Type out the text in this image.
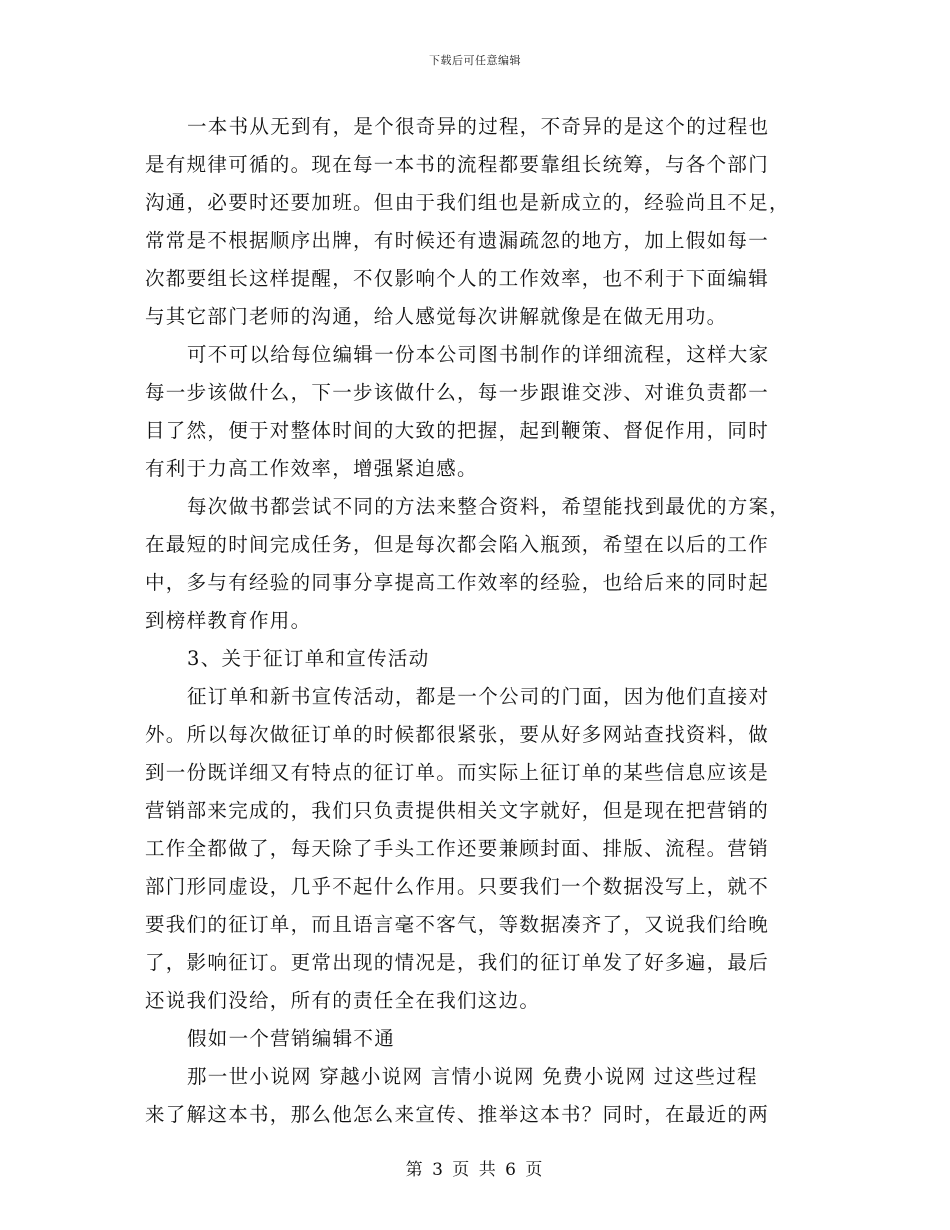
下载后可任意编辑
一本书从无到有，是个很奇异的过程，不奇异的是这个的过程也
是有规律可循的。现在每一本书的流程都要靠组长统筹，与各个部门
沟通，必要时还要加班。但由于我们组也是新成立的，经验尚且不足，
常常是不根据顺序出牌，有时候还有遗漏疏忽的地方，加上假如每一
次都要组长这样提醒，不仅影响个人的工作效率，也不利于下面编辑
与其它部门老师的沟通，给人感觉每次讲解就像是在做无用功。
可不可以给每位编辑一份本公司图书制作的详细流程，这样大家
每一步该做什么，下一步该做什么，每一步跟谁交涉、对谁负责都一
目了然，便于对整体时间的大致的把握，起到鞭策、督促作用，同时
有利于力高工作效率，增强紧迫感。
每次做书都尝试不同的方法来整合资料，希望能找到最优的方案，
在最短的时间完成任务，但是每次都会陷入瓶颈，希望在以后的工作
中，多与有经验的同事分享提高工作效率的经验，也给后来的同时起
到榜样教育作用。
3、关于征订单和宣传活动
征订单和新书宣传活动，都是一个公司的门面，因为他们直接对
外。所以每次做征订单的时候都很紧张，要从好多网站查找资料，做
到一份既详细又有特点的征订单。而实际上征订单的某些信息应该是
营销部来完成的，我们只负责提供相关文字就好，但是现在把营销的
工作全都做了，每天除了手头工作还要兼顾封面、排版、流程。营销
部门形同虚设，几乎不起什么作用。只要我们一个数据没写上，就不
要我们的征订单，而且语言毫不客气，等数据凑齐了，又说我们给晚
了，影响征订。更常出现的情况是，我们的征订单发了好多遍，最后
还说我们没给，所有的责任全在我们这边。
假如一个营销编辑不通
那一世小说网 穿越小说网 言情小说网 免费小说网 过这些过程
来了解这本书，那么他怎么来宣传、推举这本书？同时，在最近的两
第 3 页 共 6 页
